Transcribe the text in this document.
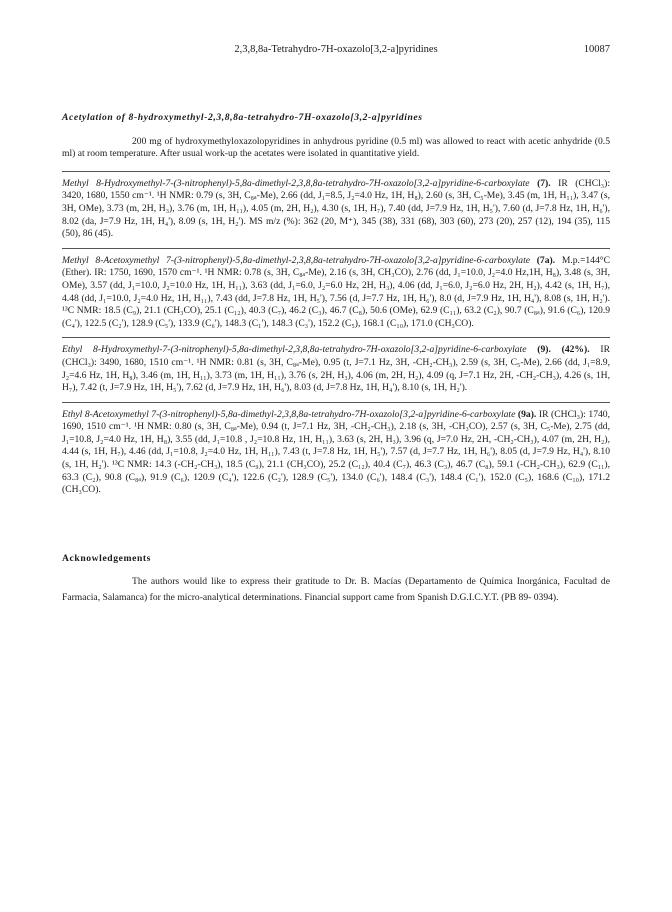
2,3,8,8a-Tetrahydro-7H-oxazolo[3,2-a]pyridines	10087
Acetylation of 8-hydroxymethyl-2,3,8,8a-tetrahydro-7H-oxazolo[3,2-a]pyridines

200 mg of hydroxymethyloxazolopyridines in anhydrous pyridine (0.5 ml) was allowed to react with acetic anhydride (0.5 ml) at room temperature. After usual work-up the acetates were isolated in quantitative yield.

Methyl 8-Hydroxymethyl-7-(3-nitrophenyl)-5,8a-dimethyl-2,3,8,8a-tetrahydro-7H-oxazolo[3,2-a]pyridine-6-carboxylate (7). IR (CHCl₃): 3420, 1680, 1550 cm⁻¹. ¹H NMR: 0.79 (s, 3H, C₈ₐ-Me), 2.66 (dd, J₁=8.5, J₂=4.0 Hz, 1H, H₈), 2.60 (s, 3H, C₅-Me), 3.45 (m, 1H, H₁₁), 3.47 (s, 3H, OMe), 3.73 (m, 2H, H₃), 3.76 (m, 1H, H₁₁), 4.05 (m, 2H, H₂), 4.30 (s, 1H, H₇), 7.40 (dd, J=7.9 Hz, 1H, H₅'), 7.60 (d, J=7.8 Hz, 1H, H₆'), 8.02 (da, J=7.9 Hz, 1H, H₄'), 8.09 (s, 1H, H₂'). MS m/z (%): 362 (20, M⁺), 345 (38), 331 (68), 303 (60), 273 (20), 257 (12), 194 (35), 115 (50), 86 (45).
Methyl 8-Acetoxymethyl 7-(3-nitrophenyl)-5,8a-dimethyl-2,3,8,8a-tetrahydro-7H-oxazolo[3,2-a]pyridine-6-carboxylate (7a). M.p.=144°C (Ether). IR: 1750, 1690, 1570 cm⁻¹. ¹H NMR: 0.78 (s, 3H, C₈ₐ-Me), 2.16 (s, 3H, CH₃CO), 2.76 (dd, J₁=10.0, J₂=4.0 Hz,1H, H₈), 3.48 (s, 3H, OMe), 3.57 (dd, J₁=10.0, J₂=10.0 Hz, 1H, H₁₁), 3.63 (dd, J₁=6.0, J₂=6.0 Hz, 2H, H₃), 4.06 (dd, J₁=6.0, J₂=6.0 Hz, 2H, H₂), 4.42 (s, 1H, H₇), 4.48 (dd, J₁=10.0, J₂=4.0 Hz, 1H, H₁₁), 7.43 (dd, J=7.8 Hz, 1H, H₅'), 7.56 (d, J=7.7 Hz, 1H, H₆'), 8.0 (d, J=7.9 Hz, 1H, H₄'), 8.08 (s, 1H, H₂'). ¹³C NMR: 18.5 (C₉), 21.1 (CH₃CO), 25.1 (C₁₂), 40.3 (C₇), 46.2 (C₃), 46.7 (C₈), 50.6 (OMe), 62.9 (C₁₁), 63.2 (C₂), 90.7 (C₈ₐ), 91.6 (C₆), 120.9 (C₄'), 122.5 (C₂'), 128.9 (C₅'), 133.9 (C₆'), 148.3 (C₁'), 148.3 (C₃'), 152.2 (C₅), 168.1 (C₁₀), 171.0 (CH₃CO).
Ethyl 8-Hydroxymethyl-7-(3-nitrophenyl)-5,8a-dimethyl-2,3,8,8a-tetrahydro-7H-oxazolo[3,2-a]pyridine-6-carboxylate (9). (42%). IR (CHCl₃): 3490, 1680, 1510 cm⁻¹. ¹H NMR: 0.81 (s, 3H, C₈ₐ-Me), 0.95 (t, J=7.1 Hz, 3H, -CH₂-CH₃), 2.59 (s, 3H, C₅-Me), 2.66 (dd, J₁=8.9, J₂=4.6 Hz, 1H, H₈), 3.46 (m, 1H, H₁₁), 3.73 (m, 1H, H₁₁), 3.76 (s, 2H, H₃), 4.06 (m, 2H, H₂), 4.09 (q, J=7.1 Hz, 2H, -CH₂-CH₃), 4.26 (s, 1H, H₇), 7.42 (t, J=7.9 Hz, 1H, H₅'), 7.62 (d, J=7.9 Hz, 1H, H₆'), 8.03 (d, J=7.8 Hz, 1H, H₄'), 8.10 (s, 1H, H₂').
Ethyl 8-Acetoxymethyl 7-(3-nitrophenyl)-5,8a-dimethyl-2,3,8,8a-tetrahydro-7H-oxazolo[3,2-a]pyridine-6-carboxylate (9a). IR (CHCl₃): 1740, 1690, 1510 cm⁻¹. ¹H NMR: 0.80 (s, 3H, C₈ₐ-Me), 0.94 (t, J=7.1 Hz, 3H, -CH₂-CH₃), 2.18 (s, 3H, -CH₃CO), 2.57 (s, 3H, C₅-Me), 2.75 (dd, J₁=10.8, J₂=4.0 Hz, 1H, H₈), 3.55 (dd, J₁=10.8 , J₂=10.8 Hz, 1H, H₁₁), 3.63 (s, 2H, H₃), 3.96 (q, J=7.0 Hz, 2H, -CH₂-CH₃), 4.07 (m, 2H, H₂), 4.44 (s, 1H, H₇), 4.46 (dd, J₁=10.8, J₂=4.0 Hz, 1H, H₁₁), 7.43 (t, J=7.8 Hz, 1H, H₅'), 7.57 (d, J=7.7 Hz, 1H, H₆'), 8.05 (d, J=7.9 Hz, H₄'), 8.10 (s, 1H, H₂'). ¹³C NMR: 14.3 (-CH₂-CH₃), 18.5 (C₉), 21.1 (CH₃CO), 25.2 (C₁₂), 40.4 (C₇), 46.3 (C₃), 46.7 (C₈), 59.1 (-CH₂-CH₃), 62.9 (C₁₁), 63.3 (C₂), 90.8 (C₈ₐ), 91.9 (C₆), 120.9 (C₄'), 122.6 (C₂'), 128.9 (C₅'), 134.0 (C₆'), 148.4 (C₃'), 148.4 (C₁'), 152.0 (C₅), 168.6 (C₁₀), 171.2 (CH₃CO).
Acknowledgements

The authors would like to express their gratitude to Dr. B. Macías (Departamento de Química Inorgánica, Facultad de Farmacia, Salamanca) for the micro-analytical determinations. Financial support came from Spanish D.G.I.C.Y.T. (PB 89- 0394).
